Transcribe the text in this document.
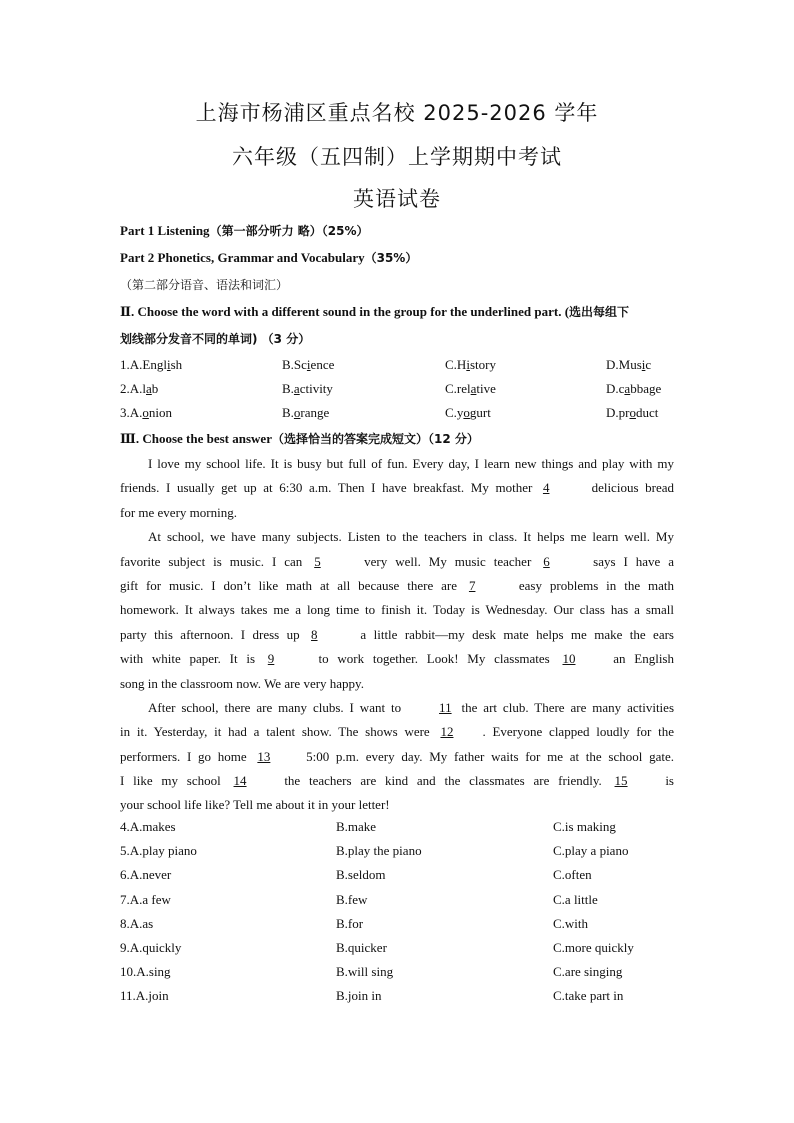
上海市杨浦区重点名校 2025-2026 学年
六年级（五四制）上学期期中考试
英语试卷
Part 1 Listening（第一部分听力 略）（25%）
Part 2 Phonetics, Grammar and Vocabulary（35%）
（第二部分语音、语法和词汇）
Ⅱ. Choose the word with a different sound in the group for the underlined part. (选出每组下
划线部分发音不同的单词) （3 分）
1.A.English	B.Science	C.History	D.Music
2.A.lab	B.activity	C.relative	D.cabbage
3.A.onion	B.orange	C.yogurt	D.product
Ⅲ. Choose the best answer（选择恰当的答案完成短文）（12 分）
I love my school life. It is busy but full of fun. Every day, I learn new things and play with my
friends. I usually get up at 6:30 a.m. Then I have breakfast. My mother 4	delicious bread
for me every morning.
At school, we have many subjects. Listen to the teachers in class. It helps me learn well. My
favorite subject is music. I can 5	very well. My music teacher 6	says I have a
gift for music. I don’t like math at all because there are 7	easy problems in the math
homework. It always takes me a long time to finish it. Today is Wednesday. Our class has a small
party this afternoon. I dress up 8	a little rabbit—my desk mate helps me make the ears
with white paper. It is 9	to work together. Look! My classmates 10 an English
song in the classroom now. We are very happy.
After school, there are many clubs. I want to 11 the art club. There are many activities
in it. Yesterday, it had a talent show. The shows were 12 . Everyone clapped loudly for the
performers. I go home 13 5:00 p.m. every day. My father waits for me at the school gate.
I like my school 14 the teachers are kind and the classmates are friendly. 15 is
your school life like? Tell me about it in your letter!
4.A.makes	B.make	C.is making
5.A.play piano	B.play the piano	C.play a piano
6.A.never	B.seldom	C.often
7.A.a few	B.few	C.a little
8.A.as	B.for	C.with
9.A.quickly	B.quicker	C.more quickly
10.A.sing	B.will sing	C.are singing
11.A.join	B.join in	C.take part in
